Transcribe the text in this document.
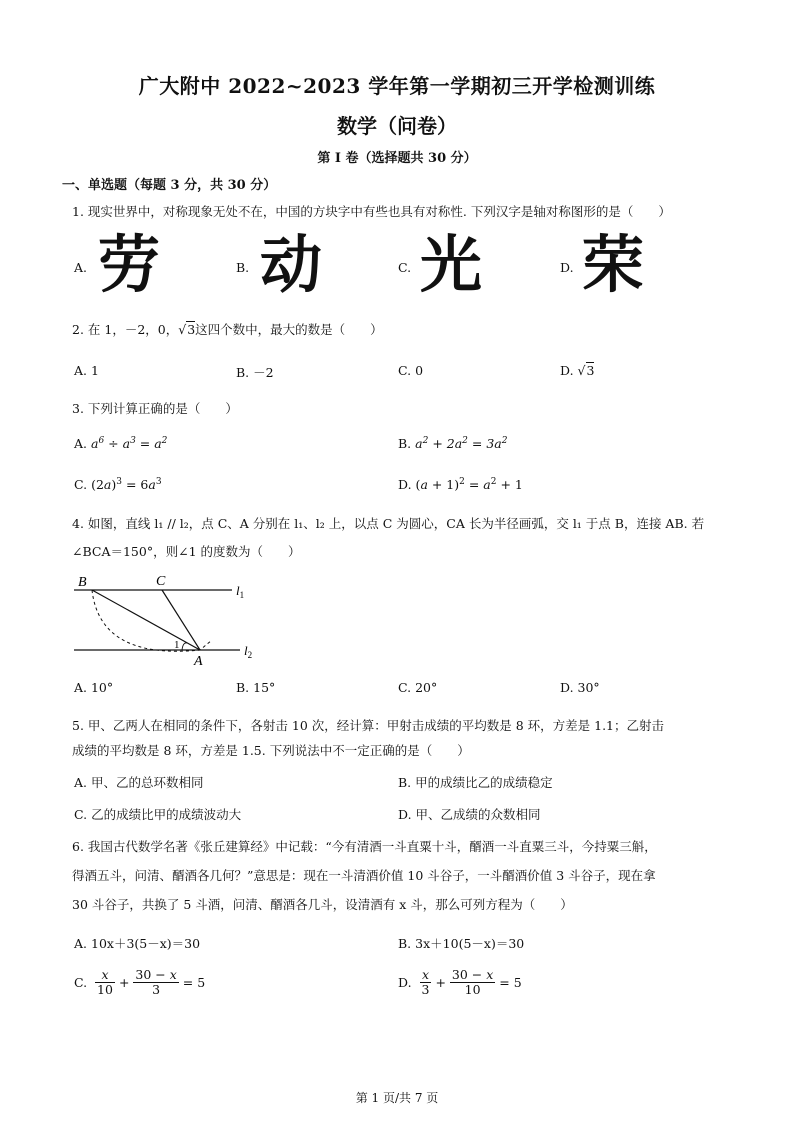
广大附中 2022~2023 学年第一学期初三开学检测训练
数学（问卷）
第 I 卷（选择题共 30 分）
一、单选题（每题 3 分，共 30 分）
1. 现实世界中，对称现象无处不在，中国的方块字中有些也具有对称性. 下列汉字是轴对称图形的是（　　）
A. 劳	B. 动	C. 光	D. 荣
2. 在 1，－2，0，√3这四个数中，最大的数是（　　）
A. 1	B. －2	C. 0	D. √3
3. 下列计算正确的是（　　）
A. $a^6 \div a^3 = a^2$	B. $a^2 + 2a^2 = 3a^2$
C. $(2a)^3 = 6a^3$	D. $(a + 1)^2 = a^2 + 1$
4. 如图，直线 l₁ // l₂，点 C、A 分别在 l₁、l₂ 上，以点 C 为圆心，CA 长为半径画弧，交 l₁ 于点 B，连接 AB. 若
∠BCA＝150°，则∠1 的度数为（　　）
B	C
A
1
$l_1$
$l_2$
A. 10°	B. 15°	C. 20°	D. 30°
5. 甲、乙两人在相同的条件下，各射击 10 次，经计算：甲射击成绩的平均数是 8 环，方差是 1.1；乙射击
成绩的平均数是 8 环，方差是 1.5. 下列说法中不一定正确的是（　　）
A. 甲、乙的总环数相同	B. 甲的成绩比乙的成绩稳定
C. 乙的成绩比甲的成绩波动大	D. 甲、乙成绩的众数相同
6. 我国古代数学名著《张丘建算经》中记载：“今有清酒一斗直粟十斗，醑酒一斗直粟三斗，今持粟三斛，
得酒五斗，问清、醑酒各几何？”意思是：现在一斗清酒价值 10 斗谷子，一斗醑酒价值 3 斗谷子，现在拿
30 斗谷子，共换了 5 斗酒，问清、醑酒各几斗，设清酒有 x 斗，那么可列方程为（　　）
A. 10x＋3(5－x)＝30	B. 3x＋10(5－x)＝30
C. $\frac{x}{10} + \frac{30 - x}{3} = 5$	D. $\frac{x}{3} + \frac{30 - x}{10} = 5$
第 1 页/共 7 页
